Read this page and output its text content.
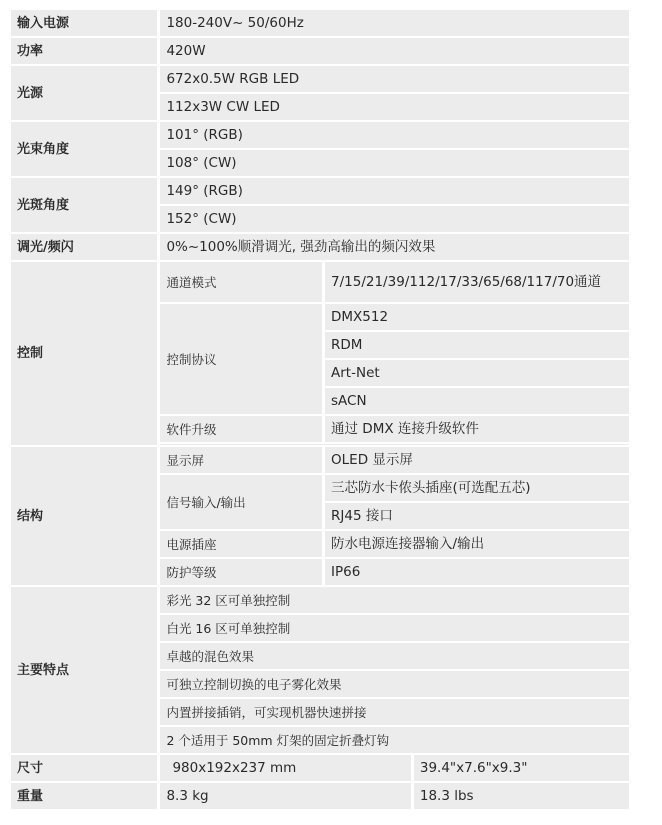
输入电源	180-240V~ 50/60Hz		
功率	420W		
光源	672x0.5W RGB LED		
	112x3W CW LED		
光束角度	101° (RGB)		
	108° (CW)		
光斑角度	149° (RGB)		
	152° (CW)		
调光/频闪	0%~100%顺滑调光, 强劲高输出的频闪效果		
控制	通道模式	7/15/21/39/112/17/33/65/68/117/70通道	
	控制协议	DMX512	
		RDM	
		Art-Net	
		sACN	
	软件升级	通过 DMX 连接升级软件	

结构	显示屏	OLED 显示屏	
	信号输入/输出	三芯防水卡侬头插座(可选配五芯)	
		RJ45 接口	
	电源插座	防水电源连接器输入/输出	
	防护等级	IP66	
主要特点	彩光 32 区可单独控制		
	白光 16 区可单独控制		
	卓越的混色效果		
	可独立控制切换的电子雾化效果		
	内置拼接插销，可实现机器快速拼接		
	2 个适用于 50mm 灯架的固定折叠灯钩		
尺寸	980x192x237 mm		39.4"x7.6"x9.3"
重量	8.3 kg		18.3 lbs
